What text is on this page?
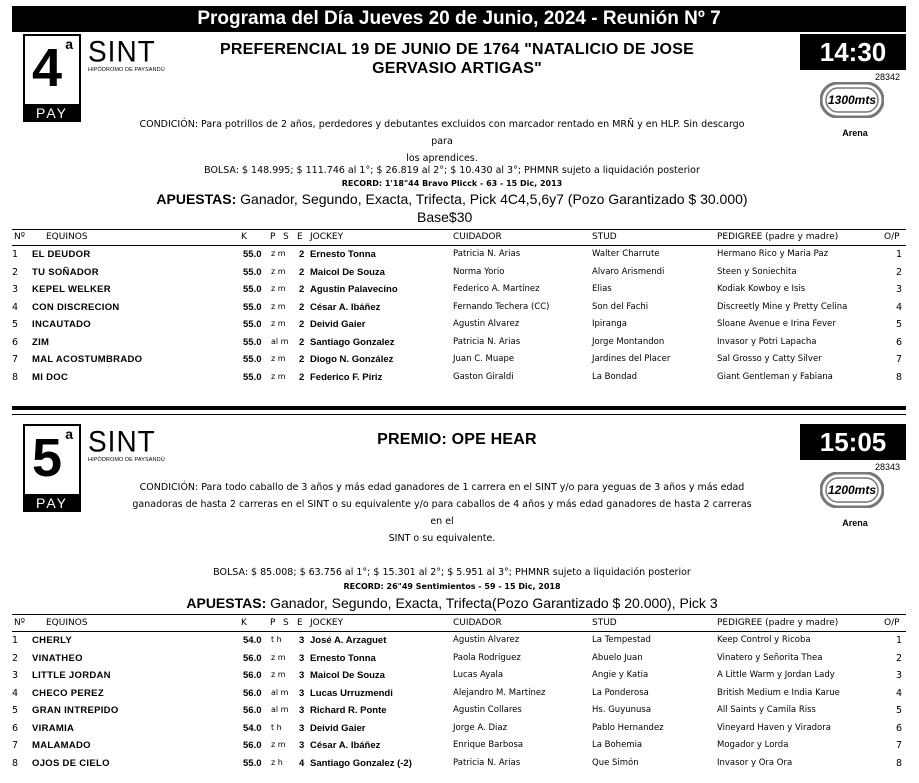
Programa del Día Jueves 20 de Junio, 2024 - Reunión Nº 7
4 a
PAY
SINT
HIPÓDROMO DE PAYSANDÚ
PREFERENCIAL 19 DE JUNIO DE 1764 "NATALICIO DE JOSE
GERVASIO ARTIGAS"
14:30
28342
1300mts
Arena
CONDICIÓN: Para potrillos de 2 años, perdedores y debutantes excluidos con marcador rentado en MRÑ y en HLP. Sin descargo para
los aprendices.
BOLSA: $ 148.995; $ 111.746 al 1°; $ 26.819 al 2°; $ 10.430 al 3°; PHMNR sujeto a liquidación posterior
RECORD: 1'18"44 Bravo Plicck - 63 - 15 Dic, 2013
APUESTAS: Ganador, Segundo, Exacta, Trifecta, Pick 4C4,5,6y7 (Pozo Garantizado $ 30.000)
Base$30
Nº EQUINOS	K	P S E JOCKEY	CUIDADOR	STUD	PEDIGREE (padre y madre)	O/P
1	EL DEUDOR	55.0 z m 2 Ernesto Tonna	Patricia N. Arias	Walter Charrute	Hermano Rico y Maria Paz	1
2	TU SOÑADOR	55.0 z m 2 Maicol De Souza	Norma Yorio	Alvaro Arismendi	Steen y Soniechita	2
3	KEPEL WELKER	55.0 z m 2 Agustin Palavecino	Federico A. Martínez	Elias	Kodiak Kowboy e Isis	3
4	CON DISCRECION	55.0 z m 2 César A. Ibáñez	Fernando Techera (CC)	Son del Fachi	Discreetly Mine y Pretty Celina	4
5	INCAUTADO	55.0 z m 2 Deivid Gaier	Agustin Alvarez	Ipiranga	Sloane Avenue e Irina Fever	5
6	ZIM	55.0 al m 2 Santiago Gonzalez	Patricia N. Arias	Jorge Montandon	Invasor y Potri Lapacha	6
7	MAL ACOSTUMBRADO	55.0 z m 2 Diogo N. González	Juan C. Muape	Jardines del Placer	Sal Grosso y Catty Silver	7
8	MI DOC	55.0 z m 2 Federico F. Píriz	Gaston Giraldi	La Bondad	Giant Gentleman y Fabiana	8
5 a
PAY
SINT
HIPÓDROMO DE PAYSANDÚ
PREMIO: OPE HEAR	15:05
28343
1200mts
Arena
CONDICIÓN: Para todo caballo de 3 años y más edad ganadores de 1 carrera en el SINT y/o para yeguas de 3 años y más edad
ganadoras de hasta 2 carreras en el SINT o su equivalente y/o para caballos de 4 años y más edad ganadores de hasta 2 carreras en el
SINT o su equivalente.
BOLSA: $ 85.008; $ 63.756 al 1°; $ 15.301 al 2°; $ 5.951 al 3°; PHMNR sujeto a liquidación posterior
RECORD: 26"49 Sentimientos - 59 - 15 Dic, 2018
APUESTAS: Ganador, Segundo, Exacta, Trifecta(Pozo Garantizado $ 20.000), Pick 3
Nº EQUINOS	K	P S E JOCKEY	CUIDADOR	STUD	PEDIGREE (padre y madre)	O/P
1	CHERLY	54.0 t h 3 José A. Arzaguet	Agustin Alvarez	La Tempestad	Keep Control y Ricoba	1
2	VINATHEO	56.0 z m 3 Ernesto Tonna	Paola Rodriguez	Abuelo Juan	Vinatero y Señorita Thea	2
3	LITTLE JORDAN	56.0 z m 3 Maicol De Souza	Lucas Ayala	Angie y Katia	A Little Warm y Jordan Lady	3
4	CHECO PEREZ	56.0 al m 3 Lucas Urruzmendi	Alejandro M. Martínez	La Ponderosa	British Medium e India Karue	4
5	GRAN INTREPIDO	56.0 al m 3 Richard R. Ponte	Agustin Collares	Hs. Guyunusa	All Saints y Camila Riss	5
6	VIRAMIA	54.0 t h 3 Deivid Gaier	Jorge A. Diaz	Pablo Hernandez	Vineyard Haven y Viradora	6
7	MALAMADO	56.0 z m 3 César A. Ibáñez	Enrique Barbosa	La Bohemia	Mogador y Lorda	7
8	OJOS DE CIELO	55.0 z h 4 Santiago Gonzalez (-2)	Patricia N. Arias	Que Simón	Invasor y Ora Ora	8
